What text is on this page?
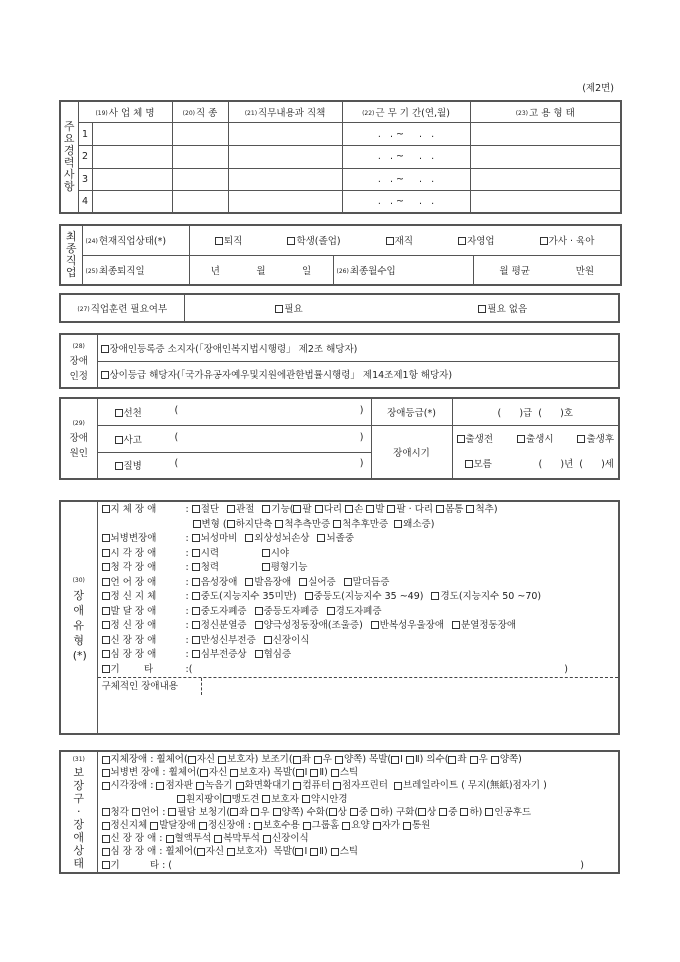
(제2면)
주요경력사항	(19)사 업 체 명		(20)직 종	(21)직무내용과 직책	(22)근 무 기 간(연,월)	(23)고 용 형 태
	1				.   . ~     .   .	
	2				.   . ~     .   .	
	3				.   . ~     .   .	
	4				.   . ~     .   .	
최종직업	(24)현재직업상태(*)	퇴직 학생(졸업) 재직 자영업 가사 · 육아		

	(25)최종퇴직일	년 월 일	(26)최종월수입	월 평균 만원
(27)직업훈련 필요여부	필요	필요 없음
(28)
장애인정
	장애인등록증 소지자(「장애인복지법시행령」 제2조 해당자)
상이등급 해당자(「국가유공자예우및지원에관한법률시행령」 제14조제1항 해당자)
(29)
장애원인

선천	(	)	장애등급(*)	(      )급  (      )호

사고	(	)
	장애시기	
출생전	출생시	출생후
모름	(      )년  (      )세

	질병 ( )		
(30)
장애유형(*)

지 체 장 애	:	절단	관절	기능( 팔 다리 손 발 팔 · 다리 몸통 척추)
변형 ( 하지단축 척추측만증 척추후만증  왜소증)
뇌병변장애	:	뇌성마비	외상성뇌손상	뇌졸중
시 각 장 애	:	시력	시야
청 각 장 애	:	청력	평형기능
언 어 장 애	:	음성장애	발음장애	실어증	말더듬증
정 신 지 체	:	중도(지능지수 35미만)	중등도(지능지수 35 ~49)	경도(지능지수 50 ~70)
발 달 장 애	:	중도자폐증	중등도자폐증	경도자폐증
정 신 장 애	:	정신분열증	양극성정동장애(조울증)	반복성우울장애	분열정동장애
신 장 장 애	:	만성신부전증	신장이식
심 장 장 애	:	심부전증상	협심증
기        타	:(	)
구체적인 장애내용
(31)
보장구 · 장애상태

지체장애 : 휠체어( 자신 보호자) 보조기( 좌 우 양쪽) 목발( Ⅰ Ⅱ) 의수( 좌 우 양쪽)
뇌병변 장애 : 휠체어( 자신 보호자) 목발( Ⅰ Ⅱ) 스틱
시각장애 : 점자판 녹음기 화면확대기 컴퓨터 점자프린터 브레일라이트 ( 무지(無紙)점자기 )

흰지팡이 맹도견 보호자 약시안경
청각 언어 : 필담 보청기( 좌 우 양쪽) 수화( 상 중 하) 구화( 상 중 하) 인공후드
정신지체 발달장애 정신장애 : 보호수용 그룹홈 요양 자가 통원
신 장 장 애 : 혈액투석 복막투석 신장이식
심 장 장 애 : 휠체어( 자신 보호자)  목발( Ⅰ Ⅱ) 스틱
기          타 : (	)
